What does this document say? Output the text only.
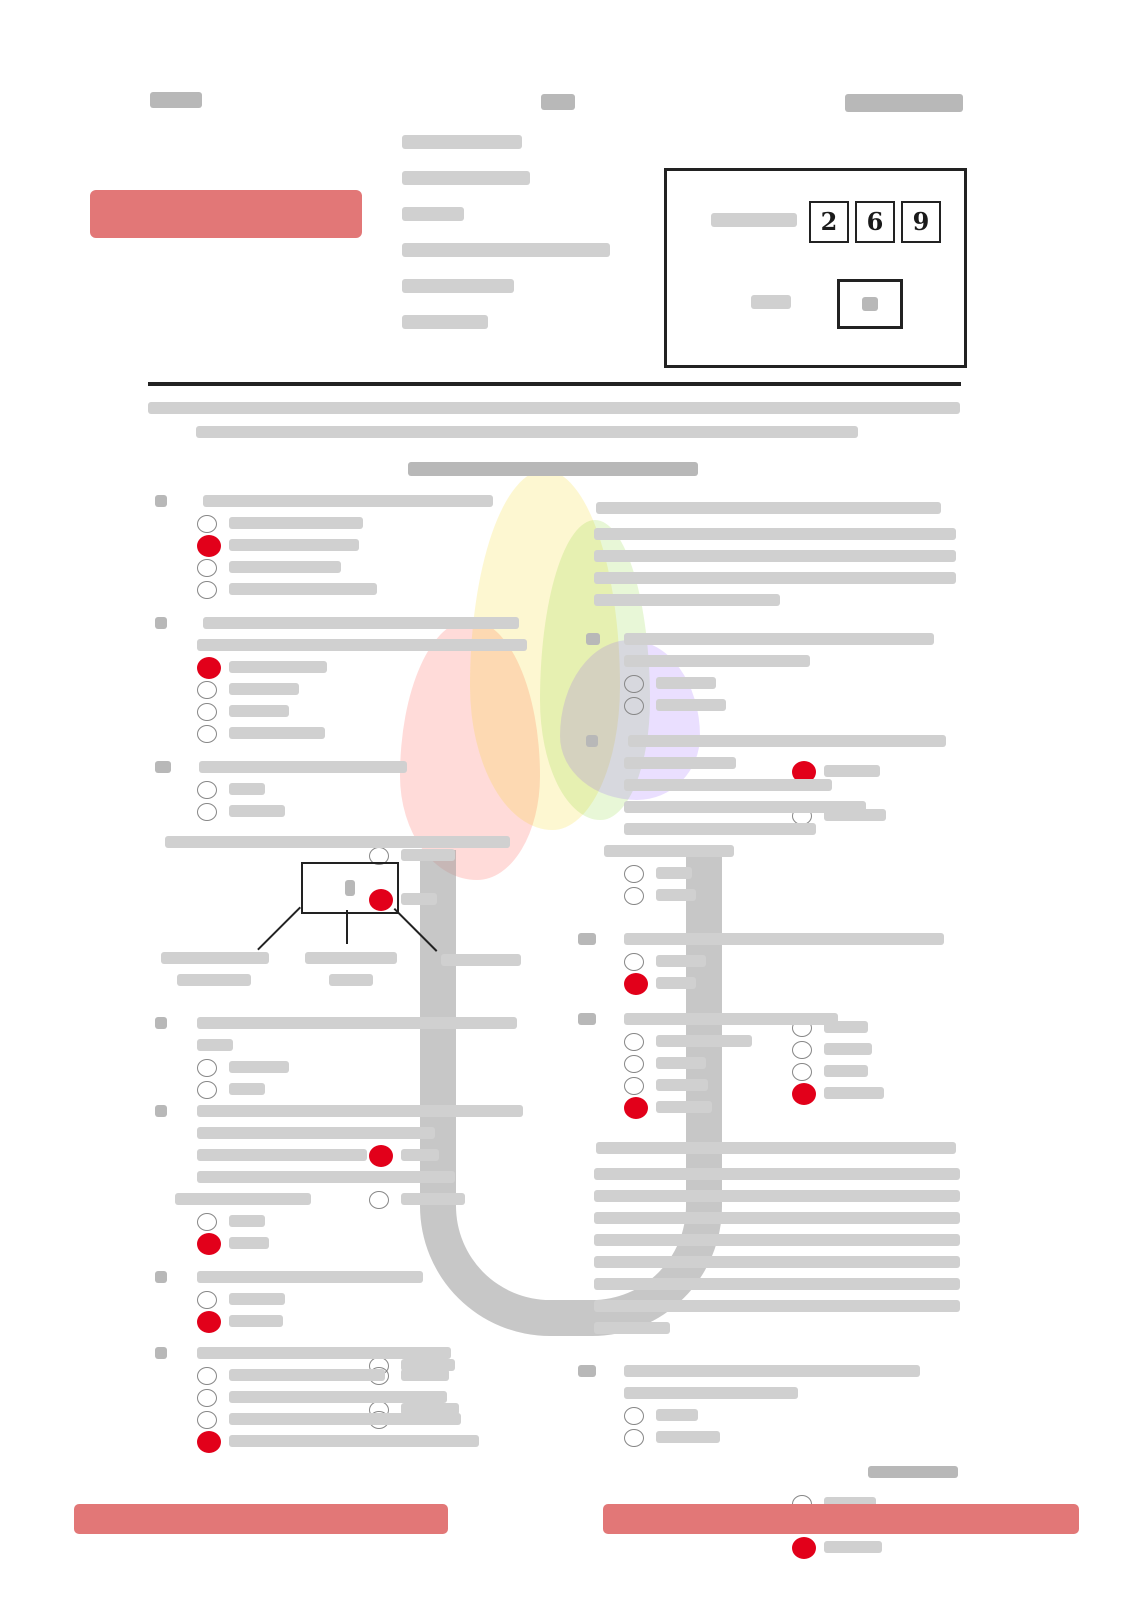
2 6 9
